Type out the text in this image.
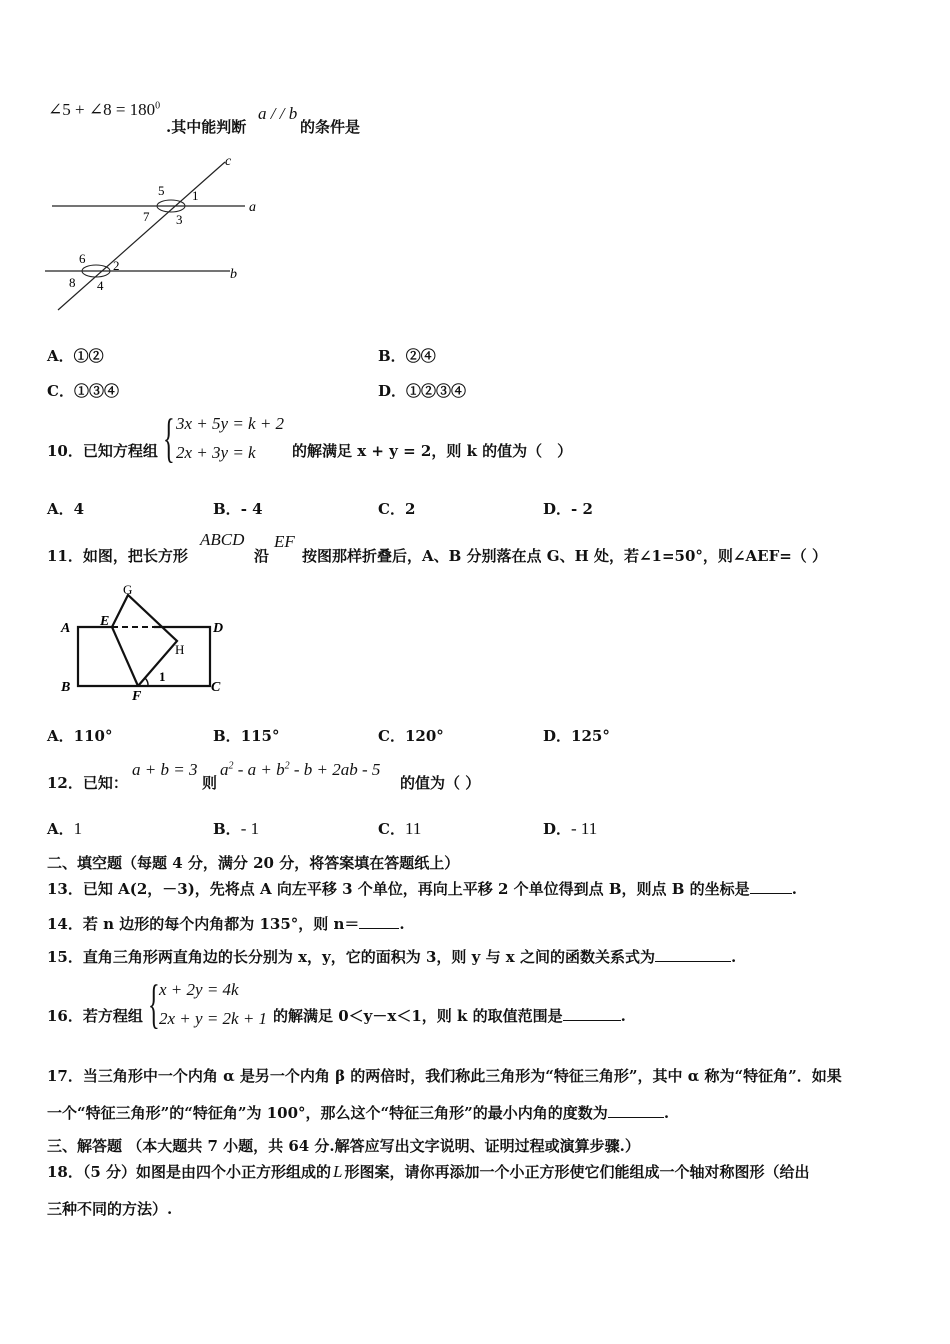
∠5 + ∠8 = $180^0$
.其中能判断
a / / b
的条件是
a
b
c
5 1
7 3
6 2
8 4
A．①②	B．②④
C．①③④	D．①②③④
10．已知方程组 { 3x + 5y = k + 2
2x + 3y = k 的解满足 x + y = 2，则 k 的值为（　）
A．4	B．- 4	C．2	D．- 2
11．如图，把长方形
ABCD
沿
EF
按图那样折叠后，A、B 分别落在点 G、H 处，若∠1=50°，则∠AEF=（ ）
G
A E	D
H
B
F
C
1
A．110°	B．115°	C．120°	D．125°
12．已知：
a + b = 3
则
$a^2 - a + b^2 - b + 2ab - 5$
的值为（ ）
A．1	B．- 1	C．11	D．- 11
二、填空题（每题 4 分，满分 20 分，将答案填在答题纸上）
13．已知 A(2，－3)，先将点 A 向左平移 3 个单位，再向上平移 2 个单位得到点 B，则点 B 的坐标是	.
14．若 n 边形的每个内角都为 135°，则 n＝	.
15．直角三角形两直角边的长分别为 x，y，它的面积为 3，则 y 与 x 之间的函数关系式为	.
16．若方程组 { x + 2y = 4k
2x + y = 2k + 1 的解满足 0＜y－x＜1，则 k 的取值范围是	.
17．当三角形中一个内角 α 是另一个内角 β 的两倍时，我们称此三角形为“特征三角形”，其中 α 称为“特征角”．如果
一个“特征三角形”的“特征角”为 100°，那么这个“特征三角形”的最小内角的度数为	.
三、解答题 （本大题共 7 小题，共 64 分.解答应写出文字说明、证明过程或演算步骤.）
18．（5 分）如图是由四个小正方形组成的 L 形图案，请你再添加一个小正方形使它们能组成一个轴对称图形（给出
三种不同的方法）.
